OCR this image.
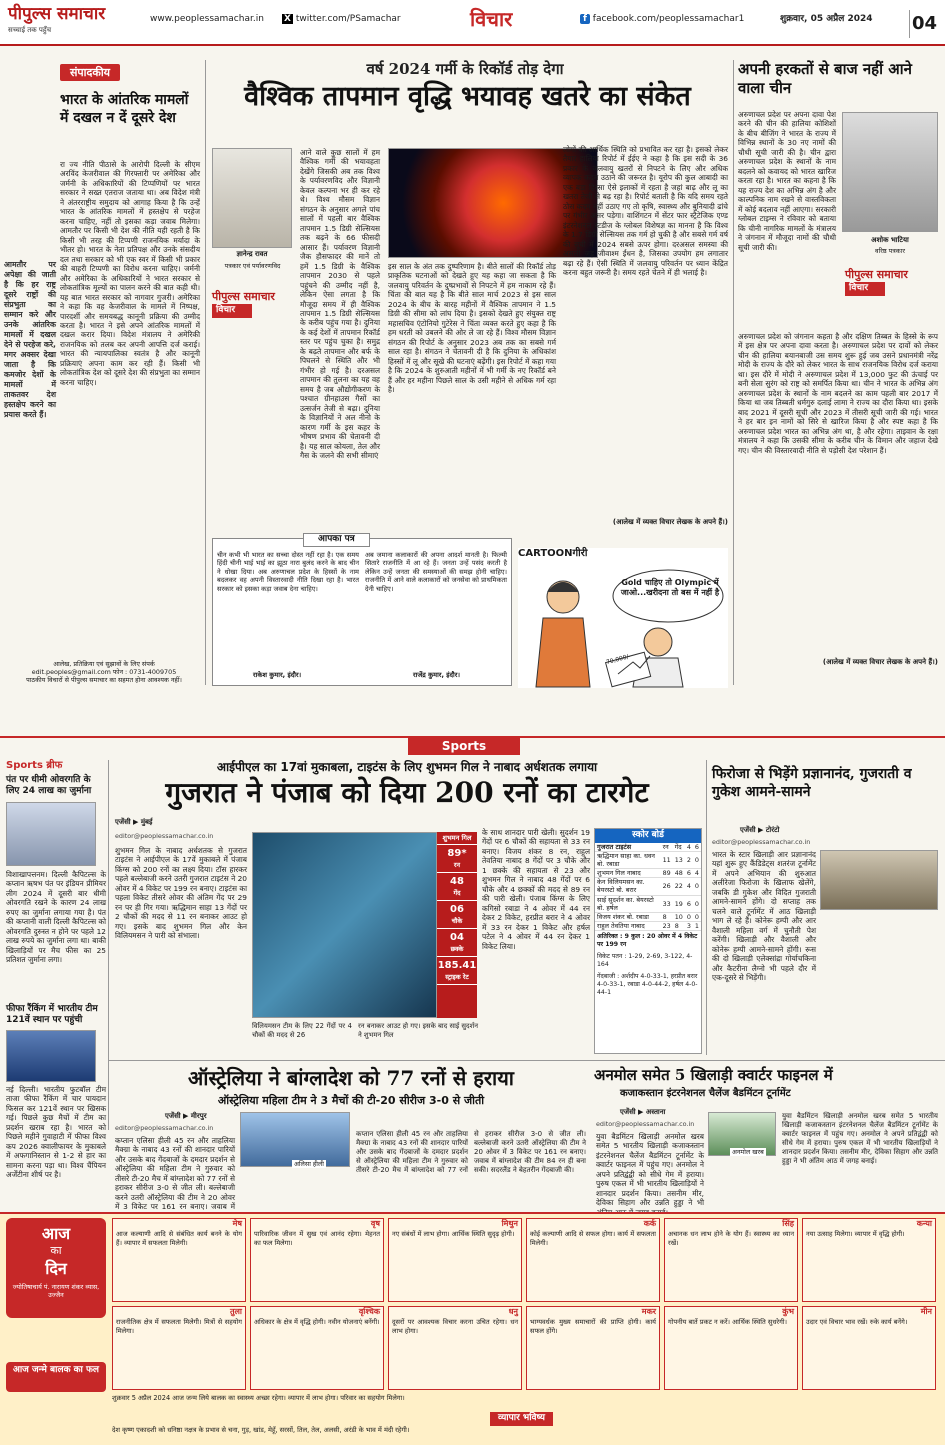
पीपुल्स समाचार
सच्चाई तक पहुँच
www.peoplessamachar.in X twitter.com/PSamachar	विचार	f facebook.com/peoplessamachar1	शुक्रवार, 05 अप्रैल 2024 04
संपादकीय
भारत के आंतरिक मामलों में दखल न दें दूसरे देश
रा ज्य नीति पीठासे के आरोपी दिल्ली के सीएम अरविंद केजरीवाल की गिरफ्तारी पर अमेरिका और जर्मनी के अधिकारियों की टिप्पणियों पर भारत सरकार ने सख्त एतराज जताया था। अब विदेश मंत्री ने अंतरराष्ट्रीय समुदाय को आगाह किया है कि उन्हें भारत के आंतरिक मामलों में हस्तक्षेप से परहेज करना चाहिए, नहीं तो इसका कड़ा जवाब मिलेगा। आमतौर पर किसी भी देश की नीति यही रहती है कि किसी भी तरह की टिप्पणी राजनयिक मर्यादा के भीतर हो। भारत के नेता प्रतिपक्ष और उनके संसदीय दल तथा सरकार को भी एक स्वर में किसी भी प्रकार की बाहरी टिप्पणी का विरोध करना चाहिए। जर्मनी और अमेरिका के अधिकारियों ने भारत सरकार से लोकतांत्रिक मूल्यों का पालन करने की बात कही थी। यह बात भारत सरकार को नागवार गुजरी। अमेरिका ने कहा कि वह केजरीवाल के मामले में निष्पक्ष, पारदर्शी और समयबद्ध कानूनी प्रक्रिया की उम्मीद करता है। भारत ने इसे अपने आंतरिक मामलों में दखल करार दिया। विदेश मंत्रालय ने अमेरिकी राजनयिक को तलब कर अपनी आपत्ति दर्ज कराई। भारत की न्यायपालिका स्वतंत्र है और कानूनी प्रक्रियाएं अपना काम कर रही हैं। किसी भी लोकतांत्रिक देश को दूसरे देश की संप्रभुता का सम्मान करना चाहिए।
आमतौर पर अपेक्षा की जाती है कि हर राष्ट्र दूसरे राष्ट्रों की संप्रभुता का सम्मान करे और उनके आंतरिक मामलों में दखल देने से परहेज करे, मगर अक्सर देखा जाता है कि कमजोर देशों के मामलों में ताकतवर देश हस्तक्षेप करने का प्रयास करते हैं।
आलेख, प्रतिक्रिया एवं सुझावों के लिए संपर्क
edit.peoples@gmail.com फोन : 0731-4009705
पाठकीय विचारों से पीपुल्स समाचार का सहमत होना आवश्यक नहीं।
वर्ष 2024 गर्मी के रिकॉर्ड तोड़ देगा
वैश्विक तापमान वृद्धि भयावह खतरे का संकेत
ज्ञानेन्द्र रावत
पत्रकार एवं पर्यावरणविद
पीपुल्स समाचार
विचार
आने वाले कुछ सालों में हम वैश्विक गर्मी की भयावहता देखेंगे जिसकी अब तक विश्व के पर्यावरणविद और विज्ञानी केवल कल्पना भर ही कर रहे थे। विश्व मौसम विज्ञान संगठन के अनुसार अगले पांच सालों में पहली बार वैश्विक तापमान 1.5 डिग्री सेल्सियस तक बढ़ने के 66 फीसदी आसार हैं। पर्यावरण विज्ञानी जैक हौसफादर की मानें तो हमें 1.5 डिग्री के वैश्विक तापमान 2030 से पहले पहुंचने की उम्मीद नहीं है, लेकिन ऐसा लगता है कि मौजूदा समय में ही वैश्विक तापमान 1.5 डिग्री सेल्सियस के करीब पहुंच गया है। दुनिया के कई देशों में तापमान रिकॉर्ड स्तर पर पहुंच चुका है। समुद्र के बढ़ते तापमान और बर्फ के पिघलने से स्थिति और भी गंभीर हो गई है। दरअसल तापमान की तुलना का यह वह समय है जब औद्योगीकरण के पश्चात ग्रीनहाउस गैसों का उत्सर्जन तेजी से बढ़ा। दुनिया के विज्ञानियों ने अल नीनो के कारण गर्मी के इस कहर के भीषण प्रभाव की चेतावनी दी है। यह साल कोयला, तेल और गैस के जलने की सभी सीमाएं
इस साल के अंत तक दुष्परिणाम है। बीते सालों की रिकॉर्ड तोड़ प्राकृतिक घटनाओं को देखते हुए यह कहा जा सकता है कि जलवायु परिवर्तन के दुष्प्रभावों से निपटने में हम नाकाम रहे हैं। चिंता की बात यह है कि बीते साल मार्च 2023 से इस साल 2024 के बीच के बारह महीनों में वैश्विक तापमान ने 1.5 डिग्री की सीमा को लांघ दिया है। इसको देखते हुए संयुक्त राष्ट्र महासचिव एंटोनियो गुटेरेस ने चिंता व्यक्त करते हुए कहा है कि हम धरती को उबलने की ओर ले जा रहे हैं। विश्व मौसम विज्ञान संगठन की रिपोर्ट के अनुसार 2023 अब तक का सबसे गर्म साल रहा है। संगठन ने चेतावनी दी है कि दुनिया के अधिकांश हिस्सों में लू और सूखे की घटनाएं बढ़ेंगी। इस रिपोर्ट में कहा गया है कि 2024 के शुरुआती महीनों में भी गर्मी के नए रिकॉर्ड बने हैं और हर महीना पिछले साल के उसी महीने से अधिक गर्म रहा है।
लोगों की आर्थिक स्थिति को प्रभावित कर रहा है। इसको लेकर तैयार हालिया रिपोर्ट में ईईए ने कहा है कि इस सदी के 36 प्रकार के जलवायु खतरों से निपटने के लिए और अधिक व्यापक कदम उठाने की जरूरत है। यूरोप की कुल आबादी का एक बड़ा हिस्सा ऐसे इलाकों में रहता है जहां बाढ़ और लू का खतरा तेजी से बढ़ रहा है। रिपोर्ट बताती है कि यदि समय रहते ठोस कदम नहीं उठाए गए तो कृषि, स्वास्थ्य और बुनियादी ढांचे पर गंभीर असर पड़ेगा। वाशिंगटन में सेंटर फार स्ट्रैटेजिक एण्ड इंटरनेशनल स्टडीज के ग्लोबल विशेषज्ञ का मानना है कि विश्व के 1.7 डिग्री सेल्सियस तक गर्म हो चुकी है और सबसे गर्म वर्ष की सूची में 2024 सबसे ऊपर होगा। दरअसल समस्या की असली जड़ जीवाश्म ईंधन है, जिसका उपयोग हम लगातार बढ़ा रहे हैं। ऐसी स्थिति में जलवायु परिवर्तन पर ध्यान केंद्रित करना बहुत जरूरी है। समय रहते चेतने में ही भलाई है।
(आलेख में व्यक्त विचार लेखक के अपने हैं।)
आपका पत्र
चीन कभी भी भारत का सच्चा दोस्त नहीं रहा है। एक समय हिंदी चीनी भाई भाई का झूठा नारा बुलंद करने के बाद चीन ने धोखा दिया। अब अरुणाचल प्रदेश के हिस्सों के नाम बदलकर वह अपनी विस्तारवादी नीति दिखा रहा है। भारत सरकार को इसका कड़ा जवाब देना चाहिए।
राकेश कुमार, इंदौर।
अब जमाना कलाकारों की अपना आदर्श मानती है। फिल्मी सितारे राजनीति में आ रहे हैं। जनता उन्हें पसंद करती है लेकिन उन्हें जनता की समस्याओं की समझ होनी चाहिए। राजनीति में आने वाले कलाकारों को जनसेवा को प्राथमिकता देनी चाहिए।
राजेंद्र कुमार, इंदौर।
CARTOONगीरी
Gold चाहिए तो Olympic में जाओ...खरीदना तो बस में नहीं है
70,000/-
अपनी हरकतों से बाज नहीं आने वाला चीन
अरुणाचल प्रदेश पर अपना दावा पेश करने की चीन की हालिया कोशिशों के बीच बीजिंग ने भारत के राज्य में विभिन्न स्थानों के 30 नए नामों की चौथी सूची जारी की है। चीन द्वारा अरुणाचल प्रदेश के स्थानों के नाम बदलने को कवायद को भारत खारिज करता रहा है। भारत का कहना है कि यह राज्य देश का अभिन्न अंग है और काल्पनिक नाम रखने से वास्तविकता में कोई बदलाव नहीं आएगा। सरकारी ग्लोबल टाइम्स ने रविवार को बताया कि चीनी नागरिक मामलों के मंत्रालय ने जंगनान में मौजूदा नामों की चौथी सूची जारी की।
अशोक भाटिया
वरिष्ठ पत्रकार
पीपुल्स समाचार
विचार
अरुणाचल प्रदेश को जंगनान कहता है और दक्षिण तिब्बत के हिस्से के रूप में इस क्षेत्र पर अपना दावा करता है। अरुणाचल प्रदेश पर दावों को लेकर चीन की हालिया बयानबाजी उस समय शुरू हुई जब उसने प्रधानमंत्री नरेंद्र मोदी के राज्य के दौरे को लेकर भारत के साथ राजनयिक विरोध दर्ज कराया था। इस दौरे में मोदी ने अरुणाचल प्रदेश में 13,000 फुट की ऊंचाई पर बनी सेला सुरंग को राष्ट्र को समर्पित किया था। चीन ने भारत के अभिन्न अंग अरुणाचल प्रदेश के स्थानों के नाम बदलने का काम पहली बार 2017 में किया था जब तिब्बती धर्मगुरु दलाई लामा ने राज्य का दौरा किया था। इसके बाद 2021 में दूसरी सूची और 2023 में तीसरी सूची जारी की गई। भारत ने हर बार इन नामों को सिरे से खारिज किया है और स्पष्ट कहा है कि अरुणाचल प्रदेश भारत का अभिन्न अंग था, है और रहेगा। ताइवान के रक्षा मंत्रालय ने कहा कि उसकी सीमा के करीब चीन के विमान और जहाज देखे गए। चीन की विस्तारवादी नीति से पड़ोसी देश परेशान हैं।
(आलेख में व्यक्त विचार लेखक के अपने हैं।)
Sports
Sports ब्रीफ
पंत पर धीमी ओवरगति के लिए 24 लाख का जुर्माना
विशाखापत्तनम। दिल्ली कैपिटल्स के कप्तान ऋषभ पंत पर इंडियन प्रीमियर लीग 2024 में दूसरी बार धीमी ओवरगति रखने के कारण 24 लाख रुपए का जुर्माना लगाया गया है। पंत की कप्तानी वाली दिल्ली कैपिटल्स को ओवरगति दुरुस्त न होने पर पहले 12 लाख रुपये का जुर्माना लगा था। बाकी खिलाड़ियों पर मैच फीस का 25 प्रतिशत जुर्माना लगा।
फीफा रैंकिंग में भारतीय टीम 121वें स्थान पर पहुंची
नई दिल्ली। भारतीय फुटबॉल टीम ताजा फीफा रैंकिंग में चार पायदान फिसल कर 121वें स्थान पर खिसक गई। पिछले कुछ मैचों में टीम का प्रदर्शन खराब रहा है। भारत को पिछले महीने गुवाहाटी में फीफा विश्व कप 2026 क्वालीफायर के मुकाबले में अफगानिस्तान से 1-2 से हार का सामना करना पड़ा था। विश्व चैंपियन अर्जेंटीना शीर्ष पर है।
आईपीएल का 17वां मुकाबला, टाइटंस के लिए शुभमन गिल ने नाबाद अर्धशतक लगाया
गुजरात ने पंजाब को दिया 200 रनों का टारगेट
एजेंसी ▶ मुंबई
editor@peoplessamachar.co.in
शुभमन गिल के नाबाद अर्धशतक से गुजरात टाइटंस ने आईपीएल के 17वें मुकाबले में पंजाब किंग्स को 200 रनों का लक्ष्य दिया। टॉस हारकर पहले बल्लेबाजी करने उतरी गुजरात टाइटंस ने 20 ओवर में 4 विकेट पर 199 रन बनाए। टाइटंस का पहला विकेट तीसरे ओवर की अंतिम गेंद पर 29 रन पर ही गिर गया। ऋद्धिमान साहा 13 गेंदों पर 2 चौकों की मदद से 11 रन बनाकर आउट हो गए। इसके बाद शुभमन गिल और केन विलियमसन ने पारी को संभाला।
शुभमन गिल
89*
रन
48
गेंद
06
चौके
04
छक्के
185.41
स्ट्राइक रेट
विलियमसन टीम के लिए 22 गेंदों पर 4 चौकों की मदद से 26
रन बनाकर आउट हो गए। इसके बाद साई सुदर्शन ने शुभमन गिल
के साथ शानदार पारी खेली। सुदर्शन 19 गेंदों पर 6 चौकों की सहायता से 33 रन बनाए। विजय शंकर 8 रन, राहुल तेवतिया नाबाद 8 गेंदों पर 3 चौके और 1 छक्के की सहायता से 23 और शुभमन गिल ने नाबाद 48 गेंदों पर 6 चौके और 4 छक्कों की मदद से 89 रन की पारी खेली। पंजाब किंग्स के लिए कगिसो रबाडा ने 4 ओवर में 44 रन देकर 2 विकेट, हरप्रीत बरार ने 4 ओवर में 33 रन देकर 1 विकेट और हर्षल पटेल ने 4 ओवर में 44 रन देकर 1 विकेट लिया।
स्कोर बोर्ड
गुजरात टाइटंस	रन	गेंद	4	6
ऋद्धिमान साहा का. धवन बो. रबाडा	11	13	2	0
शुभमन गिल नाबाद	89	48	6	4
केन विलियमसन का. बेयरस्टो बो. बरार	26	22	4	0
साई सुदर्शन का. बेयरस्टो बो. हर्षल	33	19	6	0
विजय शंकर बो. रबाडा	8	10	0	0
राहुल तेवतिया नाबाद	23	8	3	1
अतिरिक्त : 9 कुल : 20 ओवर में 4 विकेट पर 199 रन
विकेट पतन : 1-29, 2-69, 3-122, 4-164
गेंदबाजी : अर्शदीप 4-0-33-1, हरप्रीत बरार 4-0-33-1, रबाडा 4-0-44-2, हर्षल 4-0-44-1
फिरोजा से भिड़ेंगे प्रज्ञानानंद, गुजराती व गुकेश आमने-सामने
एजेंसी ▶ टोरंटो
editor@peoplessamachar.co.in
भारत के स्टार खिलाड़ी आर प्रज्ञानानंद यहां शुरू हुए कैंडिडेट्स शतरंज टूर्नामेंट में अपने अभियान की शुरुआत अलीरेजा फिरोजा के खिलाफ खेलेंगे, जबकि डी गुकेश और विदित गुजराती आमने-सामने होंगे। दो सप्ताह तक चलने वाले टूर्नामेंट में आठ खिलाड़ी भाग ले रहे हैं। कोनेरू हम्पी और आर वैशाली महिला वर्ग में चुनौती पेश करेंगी। खिलाड़ी और वैशाली और कोनेरू हम्पी आमने-सामने होंगी। रूस की दो खिलाड़ी एलेक्सांद्रा गोर्याचकिना और कैटरीना लैग्नो भी पहले दौर में एक-दूसरे से भिड़ेंगी।
ऑस्ट्रेलिया ने बांग्लादेश को 77 रनों से हराया
ऑस्ट्रेलिया महिला टीम ने 3 मैचों की टी-20 सीरीज 3-0 से जीती
एजेंसी ▶ मीरपुर
editor@peoplessamachar.co.in
कप्तान एलिसा हीली 45 रन और ताहलिया मैक्ग्रा के नाबाद 43 रनों की शानदार पारियों और उसके बाद गेंदबाजों के दमदार प्रदर्शन से ऑस्ट्रेलिया की महिला टीम ने गुरुवार को तीसरे टी-20 मैच में बांग्लादेश को 77 रनों से हराकर सीरीज 3-0 से जीत ली। बल्लेबाजी करने उतरी ऑस्ट्रेलिया की टीम ने 20 ओवर में 3 विकेट पर 161 रन बनाए। जवाब में
अलिसा हीली
कप्तान एलिसा हीली 45 रन और ताहलिया मैक्ग्रा के नाबाद 43 रनों की शानदार पारियों और उसके बाद गेंदबाजों के दमदार प्रदर्शन से ऑस्ट्रेलिया की महिला टीम ने गुरुवार को तीसरे टी-20 मैच में बांग्लादेश को 77 रनों से हराकर सीरीज 3-0 से जीत ली। बल्लेबाजी करने उतरी ऑस्ट्रेलिया की टीम ने 20 ओवर में 3 विकेट पर 161 रन बनाए। जवाब में बांग्लादेश की टीम 84 रन ही बना सकी। सदरलैंड ने बेहतरीन गेंदबाजी की।
अनमोल समेत 5 खिलाड़ी क्वार्टर फाइनल में
कजाकस्तान इंटरनेशनल चैलेंज बैडमिंटन टूर्नामेंट
एजेंसी ▶ अस्ताना
editor@peoplessamachar.co.in
युवा बैडमिंटन खिलाड़ी अनमोल खरब समेत 5 भारतीय खिलाड़ी कजाकस्तान इंटरनेशनल चैलेंज बैडमिंटन टूर्नामेंट के क्वार्टर फाइनल में पहुंच गए। अनमोल ने अपने प्रतिद्वंद्वी को सीधे गेम में हराया। पुरुष एकल में भी भारतीय खिलाड़ियों ने शानदार प्रदर्शन किया। तसनीम मीर, देविका सिहाग और उन्नति हुड्डा ने भी
अनमोल खरब
युवा बैडमिंटन खिलाड़ी अनमोल खरब समेत 5 भारतीय खिलाड़ी कजाकस्तान इंटरनेशनल चैलेंज बैडमिंटन टूर्नामेंट के क्वार्टर फाइनल में पहुंच गए। अनमोल ने अपने प्रतिद्वंद्वी को सीधे गेम में हराया। पुरुष एकल में भी भारतीय खिलाड़ियों ने शानदार प्रदर्शन किया। तसनीम मीर, देविका सिहाग और उन्नति हुड्डा ने भी अंतिम आठ में जगह बनाई।
आज
का
दिन
ज्योतिषाचार्य पं. नारायण शंकर व्यास, उज्जैन
आज जन्मे बालक का फल
मेष

आज कल्याणी आदि से संबंधित कार्य बनने के योग हैं। व्यापार में सफलता मिलेगी।

वृष

पारिवारिक जीवन में सुख एवं आनंद रहेगा। मेहनत का फल मिलेगा।

मिथुन

नए संबंधों में लाभ होगा। आर्थिक स्थिति सुदृढ़ होगी।

कर्क

कोई कल्याणी आदि से सफल होगा। कार्य में सफलता मिलेगी।

सिंह

अचानक धन लाभ होने के योग हैं। स्वास्थ्य का ध्यान रखें।

कन्या

नया उत्साह मिलेगा। व्यापार में वृद्धि होगी।

तुला

राजनीतिक क्षेत्र में सफलता मिलेगी। मित्रों से सहयोग मिलेगा।

वृश्चिक

अधिकार के क्षेत्र में वृद्धि होगी। नवीन योजनाएं बनेंगी।

धनु

दूसरों पर आवश्यक विचार करना उचित रहेगा। धन लाभ होगा।

मकर

भाग्यवर्धक मुख्य समाचारों की प्राप्ति होगी। कार्य सफल होंगे।

कुंभ

गोपनीय बातें प्रकट न करें। आर्थिक स्थिति सुधरेगी।

मीन

उदार एवं विचार भाव रखें। रुके कार्य बनेंगे।

शुक्रवार 5 अप्रैल 2024 आज जन्म लिये बालक का स्वास्थ्य अच्छा रहेगा। व्यापार में लाभ होगा। परिवार का सहयोग मिलेगा।
व्यापार भविष्य
देश कृष्ण एकादशी को धनिष्ठा नक्षत्र के प्रभाव से चना, गुड़, खांड, मेहूँ, सरसों, तिल, तेल, अलसी, अरंडी के भाव में मंदी रहेगी।
